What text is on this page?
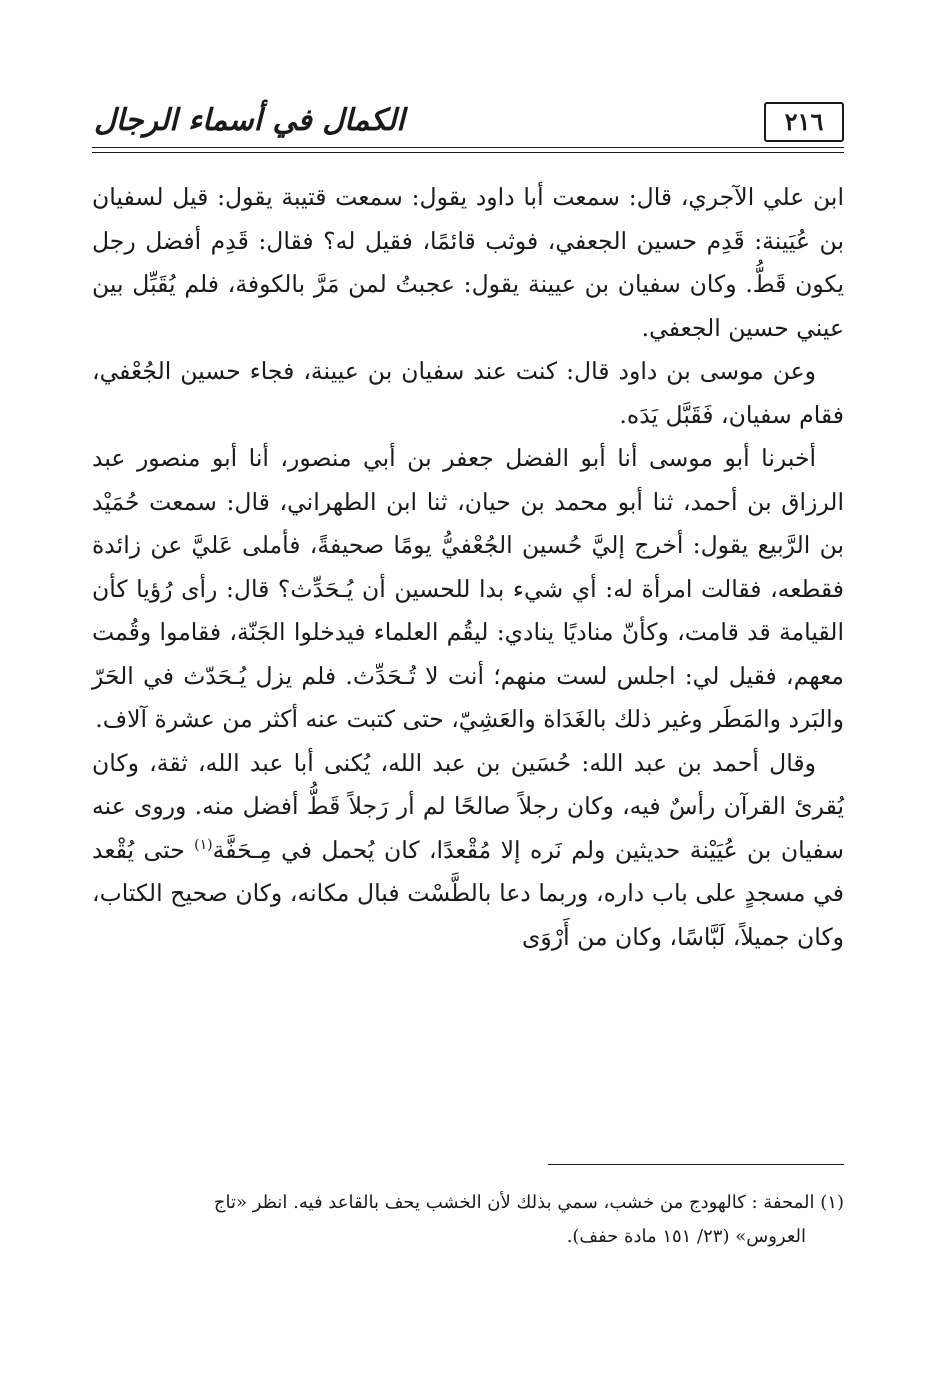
الكمال في أسماء الرجال	٢١٦

ابن علي الآجري، قال: سمعت أبا داود يقول: سمعت قتيبة يقول: قيل لسفيان بن عُيَينة: قَدِم حسين الجعفي، فوثب قائمًا، فقيل له؟ فقال: قَدِم أفضل رجل يكون قَطُّ. وكان سفيان بن عيينة يقول: عجبتُ لمن مَرَّ بالكوفة، فلم يُقَبِّل بين عيني حسين الجعفي.

وعن موسى بن داود قال: كنت عند سفيان بن عيينة، فجاء حسين الجُعْفي، فقام سفيان، فَقَبَّل يَدَه.

أخبرنا أبو موسى أنا أبو الفضل جعفر بن أبي منصور، أنا أبو منصور عبد الرزاق بن أحمد، ثنا أبو محمد بن حيان، ثنا ابن الطهراني، قال: سمعت حُمَيْد بن الرَّبيع يقول: أخرج إليَّ حُسين الجُعْفيُّ يومًا صحيفةً، فأملى عَليَّ عن زائدة فقطعه، فقالت امرأة له: أي شيء بدا للحسين أن يُـحَدِّث؟ قال: رأى رُؤيا كأن القيامة قد قامت، وكأنّ مناديًا ينادي: ليقُم العلماء فيدخلوا الجَنّة، فقاموا وقُمت معهم، فقيل لي: اجلس لست منهم؛ أنت لا تُـحَدِّث. فلم يزل يُـحَدّث في الحَرّ والبَرد والمَطَر وغير ذلك بالغَدَاة والعَشِيّ، حتى كتبت عنه أكثر من عشرة آلاف.

وقال أحمد بن عبد الله: حُسَين بن عبد الله، يُكنى أبا عبد الله، ثقة، وكان يُقرئ القرآن رأسٌ فيه، وكان رجلاً صالحًا لم أر رَجلاً قَطُّ أفضل منه. وروى عنه سفيان بن عُيَيْنة حديثين ولم نَره إلا مُقْعدًا، كان يُحمل في مِـحَفَّة$^{(١)}$ حتى يُقْعد في مسجدٍ على باب داره، وربما دعا بالطَّسْت فبال مكانه، وكان صحيح الكتاب، وكان جميلاً، لَبَّاسًا، وكان من أَرْوَى

(١) المحفة : كالهودج من خشب، سمي بذلك لأن الخشب يحف بالقاعد فيه. انظر «تاج

العروس» (٢٣/ ١٥١ مادة حفف).
